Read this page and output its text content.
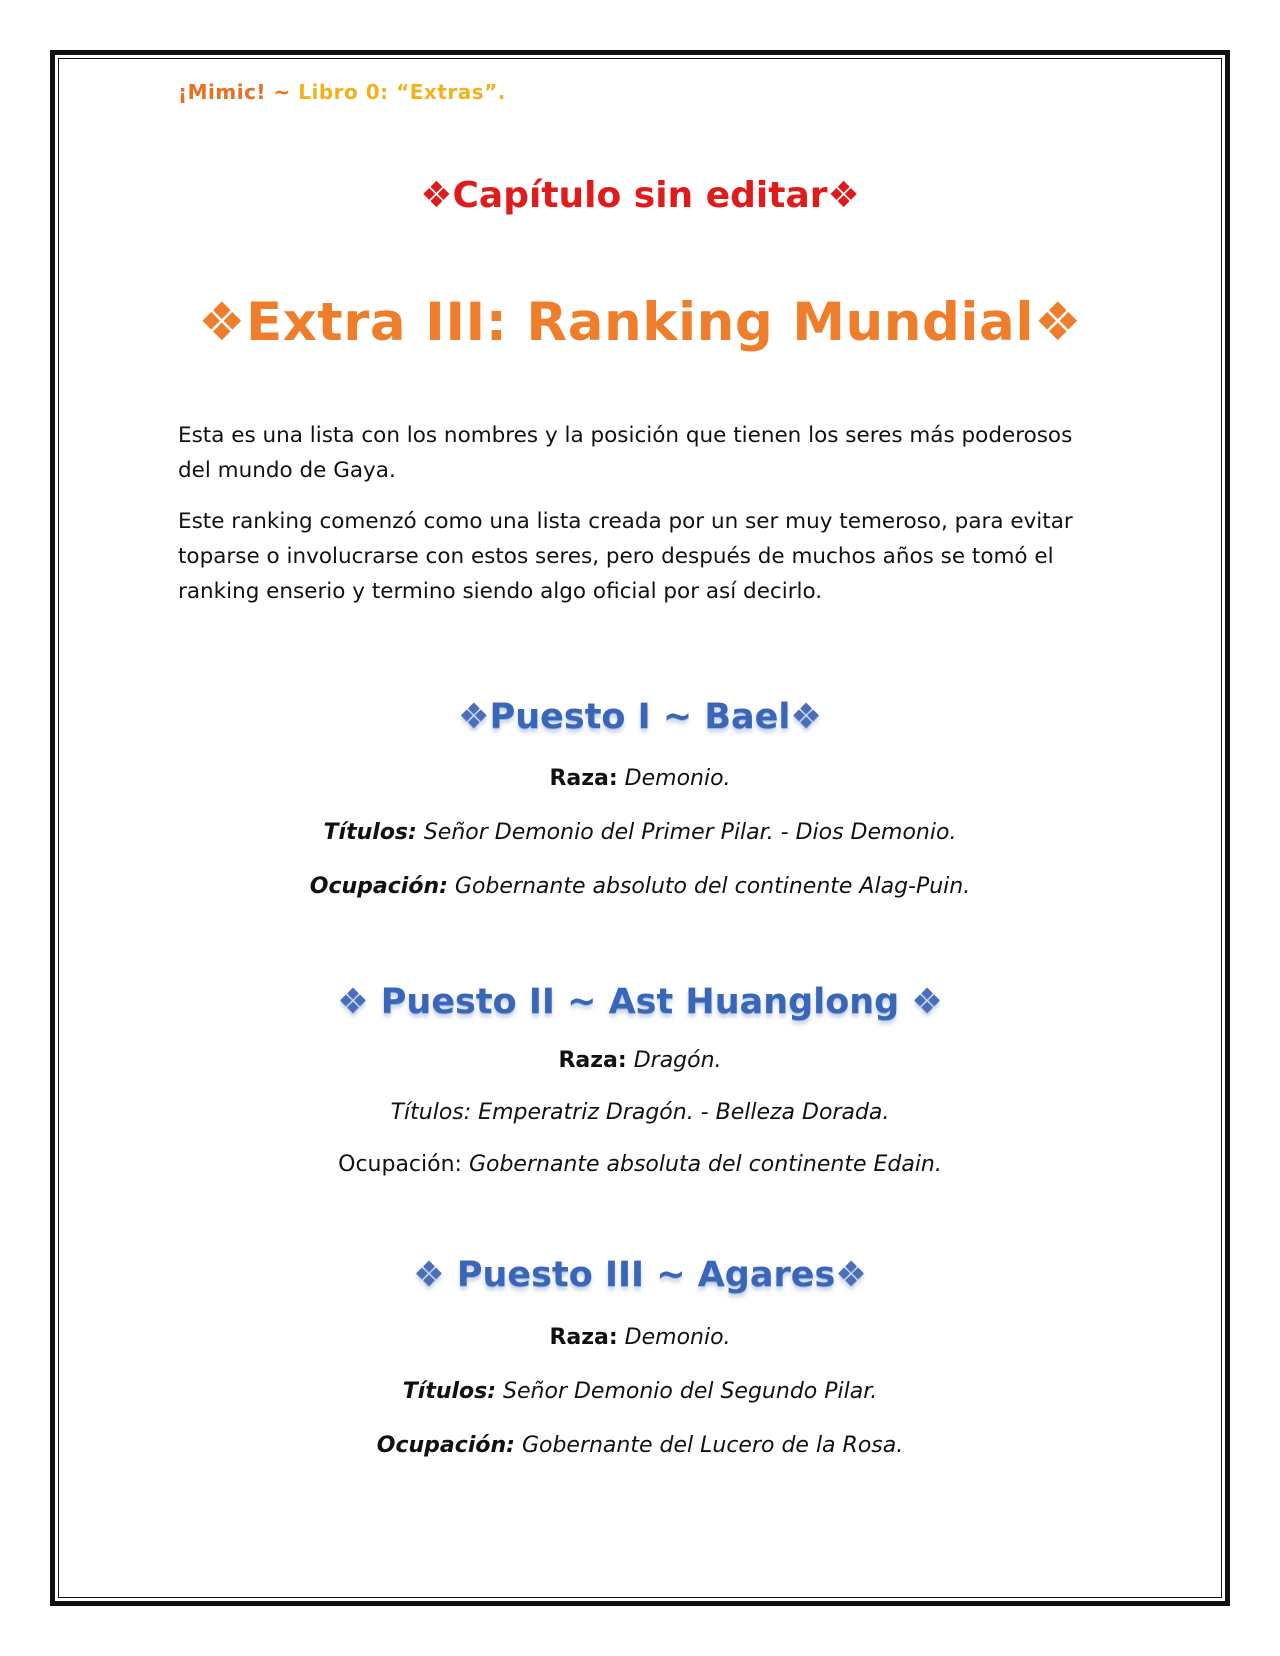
¡Mimic! ~ Libro 0: “Extras”.
❖Capítulo sin editar❖
❖Extra III: Ranking Mundial❖

Esta es una lista con los nombres y la posición que tienen los seres más poderosos del mundo de Gaya.

Este ranking comenzó como una lista creada por un ser muy temeroso, para evitar toparse o involucrarse con estos seres, pero después de muchos años se tomó el ranking enserio y termino siendo algo oficial por así decirlo.

❖Puesto I ~ Bael❖
Raza: Demonio.
Títulos: Señor Demonio del Primer Pilar. - Dios Demonio.
Ocupación: Gobernante absoluto del continente Alag-Puin.
❖ Puesto II ~ Ast Huanglong ❖
Raza: Dragón.
Títulos: Emperatriz Dragón. - Belleza Dorada.
Ocupación: Gobernante absoluta del continente Edain.
❖ Puesto III ~ Agares❖
Raza: Demonio.
Títulos: Señor Demonio del Segundo Pilar.
Ocupación: Gobernante del Lucero de la Rosa.
